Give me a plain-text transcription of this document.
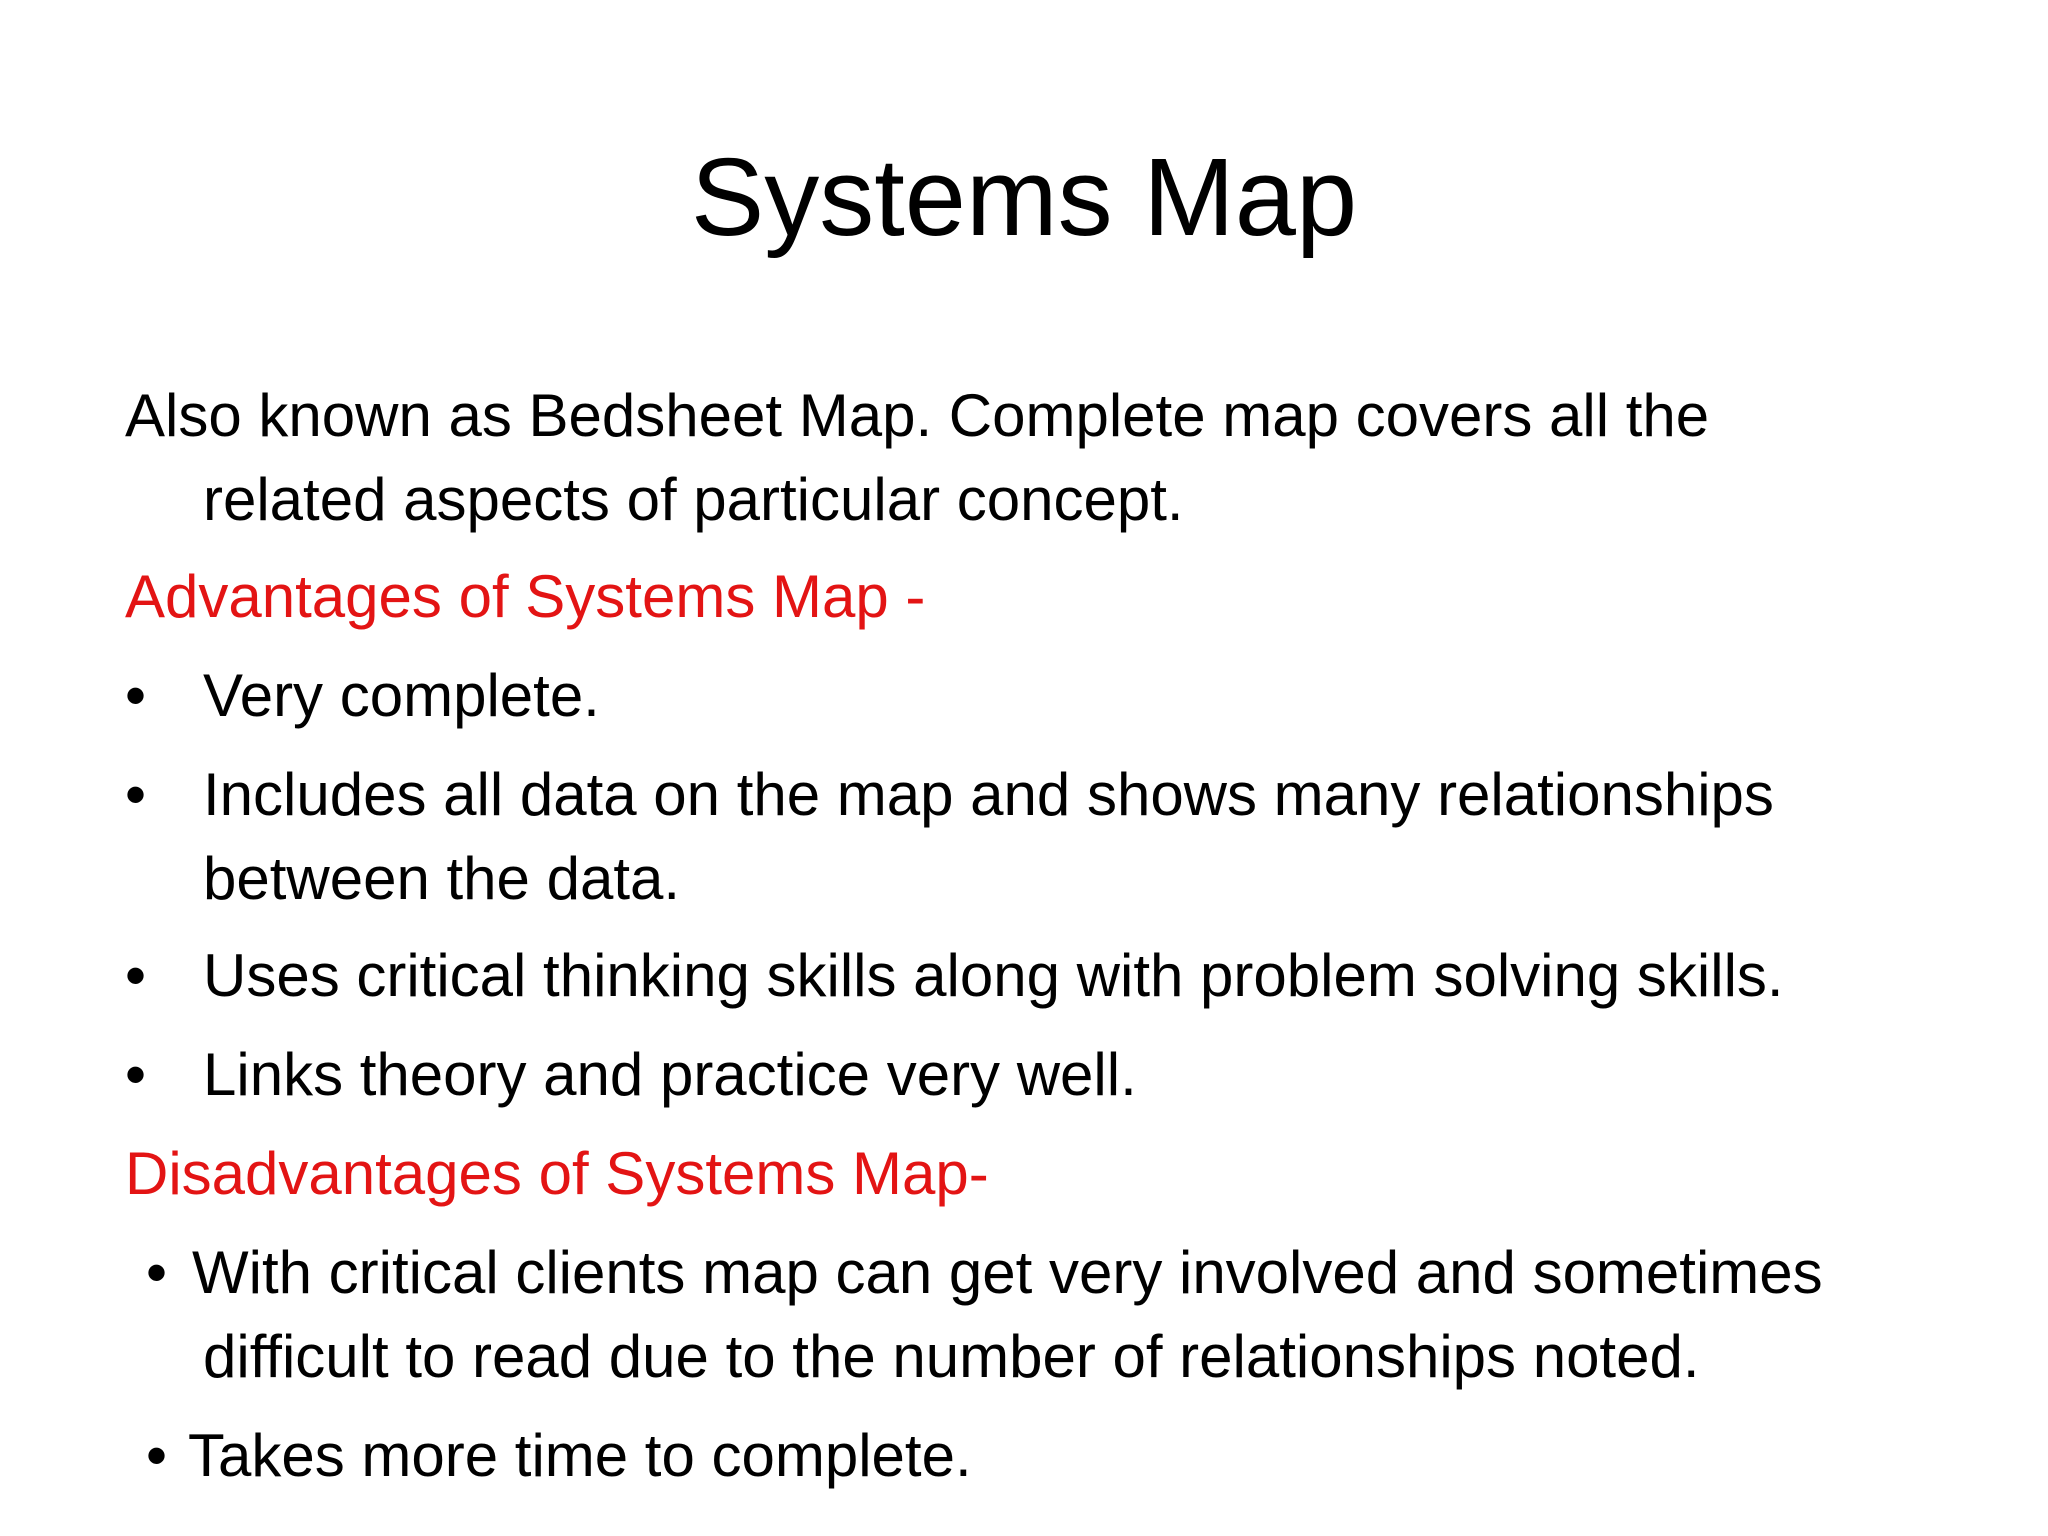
Systems Map
Also known as Bedsheet Map. Complete map covers all the
related aspects of particular concept.
Advantages of Systems Map -
• Very complete.
• Includes all data on the map and shows many relationships
between the data.
• Uses critical thinking skills along with problem solving skills.
• Links theory and practice very well.
Disadvantages of Systems Map-
• With critical clients map can get very involved and sometimes
difficult to read due to the number of relationships noted.
• Takes more time to complete.
